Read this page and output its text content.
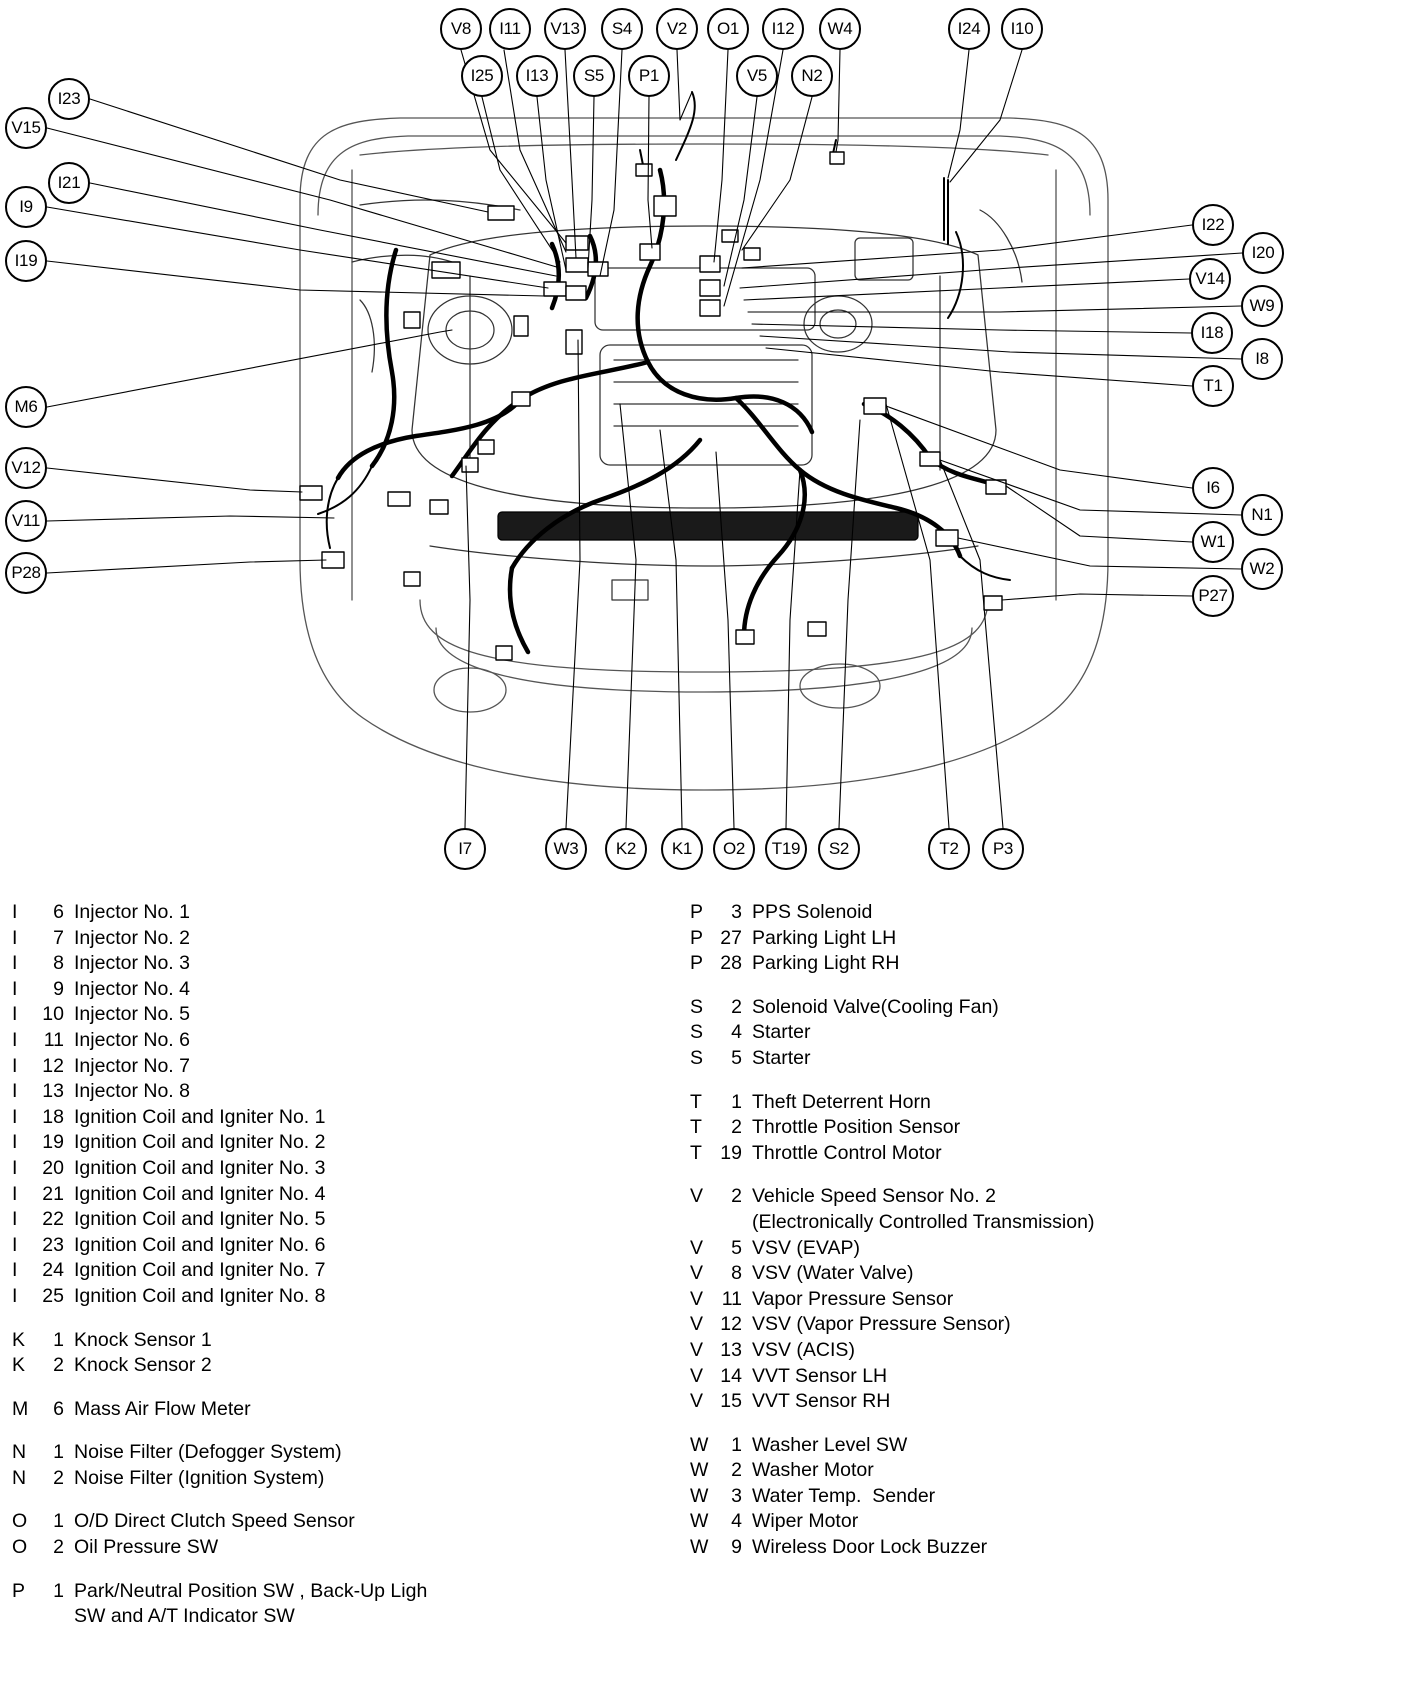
V8	I11
I13
I25
V13
S5
S4
P1
V2	O1
V5
I12
N2
W4	I24	I10
I23
V15
I21
I9
I19
M6
V12
V11
P28
I22
I20
V14
W9
I18
I8
T1
I6
N1
W1
W2
P27
I7	W3	K2	K1	O2	T19	S2	T2	P3
I 6 Injector No. 1
I 7 Injector No. 2
I 8 Injector No. 3
I 9 Injector No. 4
I 10 Injector No. 5
I 11 Injector No. 6
I 12 Injector No. 7
I 13 Injector No. 8
I 18 Ignition Coil and Igniter No. 1
I 19 Ignition Coil and Igniter No. 2
I 20 Ignition Coil and Igniter No. 3
I 21 Ignition Coil and Igniter No. 4
I 22 Ignition Coil and Igniter No. 5
I 23 Ignition Coil and Igniter No. 6
I 24 Ignition Coil and Igniter No. 7
I 25 Ignition Coil and Igniter No. 8
K 1 Knock Sensor 1
K 2 Knock Sensor 2
M 6 Mass Air Flow Meter
N 1 Noise Filter (Defogger System)
N 2 Noise Filter (Ignition System)
O 1 O/D Direct Clutch Speed Sensor
O 2 Oil Pressure SW
P 1 Park/Neutral Position SW , Back-Up Ligh
SW and A/T Indicator SW
P 3 PPS Solenoid
P 27 Parking Light LH
P 28 Parking Light RH
S 2 Solenoid Valve(Cooling Fan)
S 4 Starter
S 5 Starter
T 1 Theft Deterrent Horn
T 2 Throttle Position Sensor
T 19 Throttle Control Motor
V 2 Vehicle Speed Sensor No. 2
(Electronically Controlled Transmission)
V 5 VSV (EVAP)
V 8 VSV (Water Valve)
V 11 Vapor Pressure Sensor
V 12 VSV (Vapor Pressure Sensor)
V 13 VSV (ACIS)
V 14 VVT Sensor LH
V 15 VVT Sensor RH
W 1 Washer Level SW
W 2 Washer Motor
W 3 Water Temp.  Sender
W 4 Wiper Motor
W 9 Wireless Door Lock Buzzer
